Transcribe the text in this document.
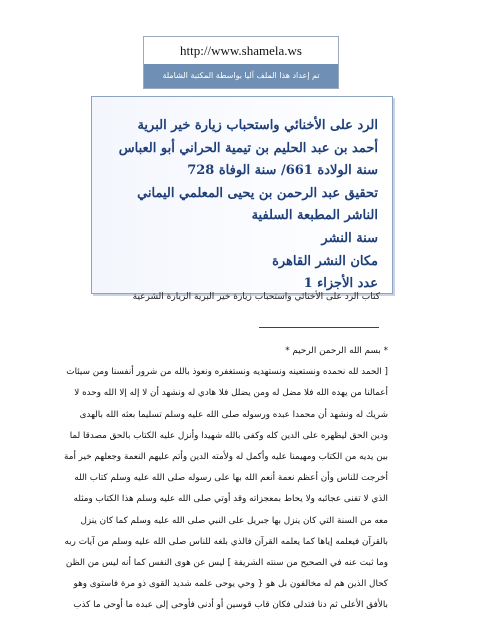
http://www.shamela.ws
تم إعداد هذا الملف آليا بواسطة المكتبة الشاملة
الرد على الأخنائي واستحباب زيارة خير البرية
أحمد بن عبد الحليم بن تيمية الحراني أبو العباس
سنة الولادة 661/ سنة الوفاة 728
تحقيق عبد الرحمن بن يحيى المعلمي اليماني
الناشر المطبعة السلفية
سنة النشر
مكان النشر القاهرة
عدد الأجزاء 1
كتاب الرد على الأخنائي واستحباب زيارة خير البرية الزيارة الشرعية
* بسم الله الرحمن الرحيم *
[ الحمد لله نحمده ونستعينه ونستهديه ونستغفره ونعوذ بالله من شرور أنفسنا ومن سيئات
أعمالنا من يهده الله فلا مضل له ومن يضلل فلا هادي له ونشهد أن لا إله إلا الله وحده لا
شريك له ونشهد أن محمدا عبده ورسوله صلى الله عليه وسلم تسليما بعثه الله بالهدى
ودين الحق ليظهره على الدين كله وكفى بالله شهيدا وأنزل عليه الكتاب بالحق مصدقا لما
بين يديه من الكتاب ومهيمنا عليه وأكمل له ولأمته الدين وأتم عليهم النعمة وجعلهم خير أمة
أخرجت للناس وأن أعظم نعمة أنعم الله بها على رسوله صلى الله عليه وسلم كتاب الله
الذي لا تفنى عجائبه ولا يحاط بمعجزاته وقد أوتي صلى الله عليه وسلم هذا الكتاب ومثله
معه من السنة التي كان ينزل بها جبريل على النبي صلى الله عليه وسلم كما كان ينزل
بالقرآن فيعلمه إياها كما يعلمه القرآن فالذي بلغه للناس صلى الله عليه وسلم من آيات ربه
وما ثبت عنه في الصحيح من سنته الشريفة ] ليس عن هوى النفس كما أنه ليس من الظن
كحال الذين هم له مخالفون بل هو { وحي يوحى علمه شديد القوى ذو مرة فاستوى وهو
بالأفق الأعلى ثم دنا فتدلى فكان قاب قوسين أو أدنى فأوحى إلى عبده ما أوحى ما كذب
